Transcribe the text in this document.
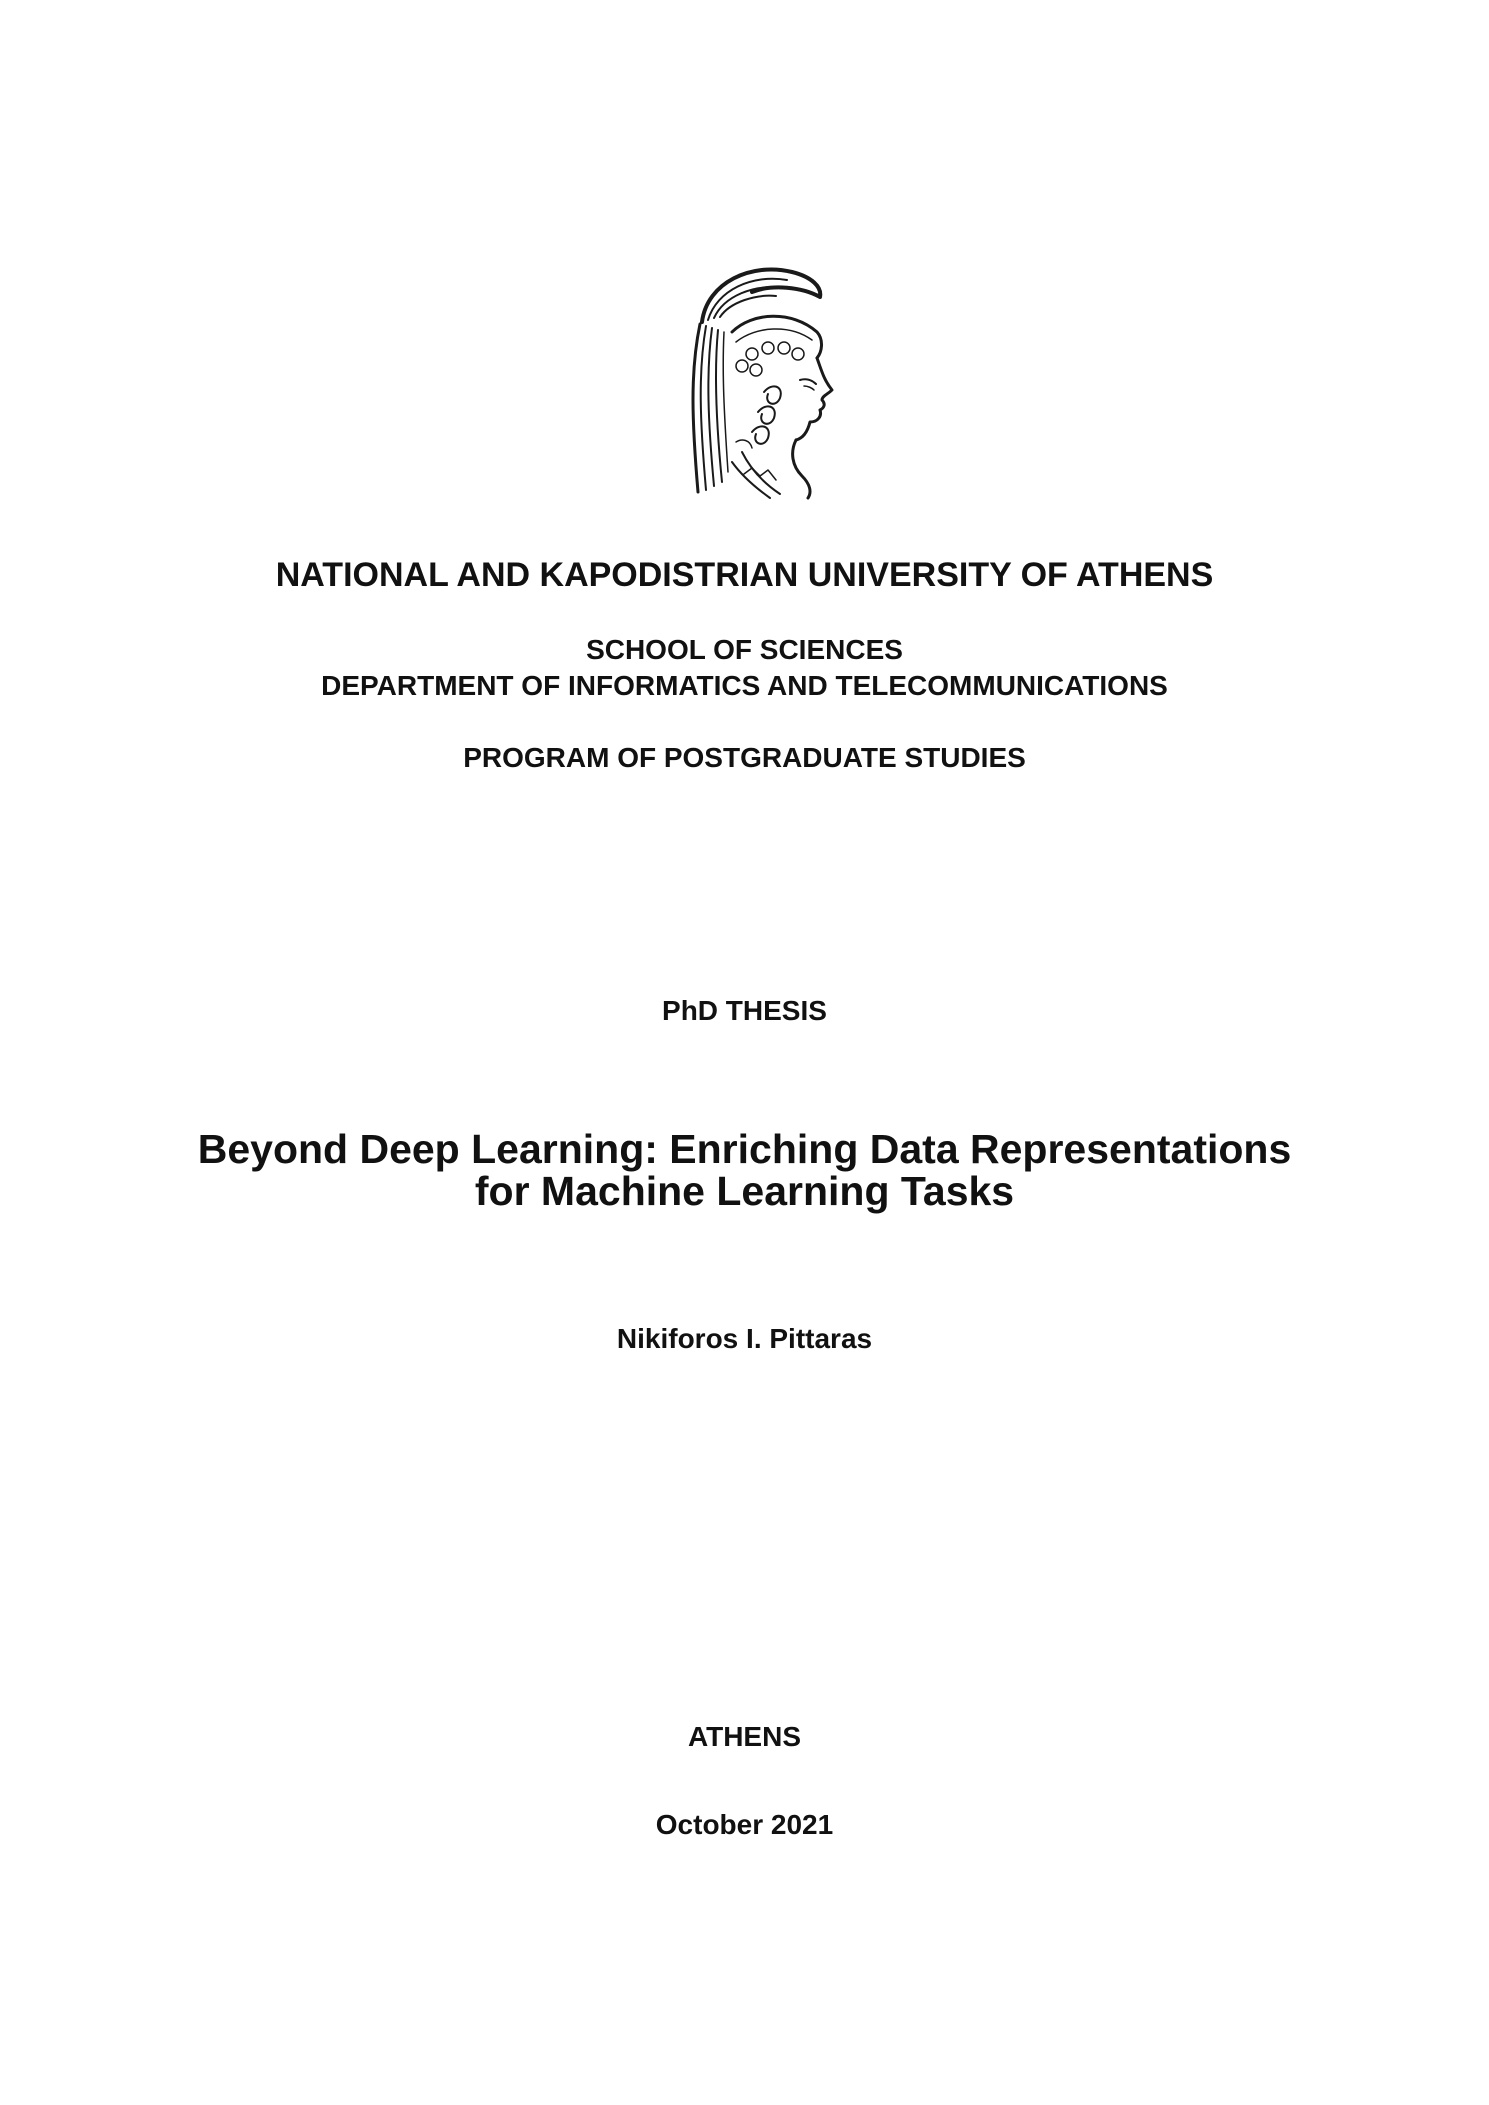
NATIONAL AND KAPODISTRIAN UNIVERSITY OF ATHENS
SCHOOL OF SCIENCES
DEPARTMENT OF INFORMATICS AND TELECOMMUNICATIONS
PROGRAM OF POSTGRADUATE STUDIES
PhD THESIS
Beyond Deep Learning: Enriching Data Representations
for Machine Learning Tasks
Nikiforos I. Pittaras
ATHENS
October 2021
